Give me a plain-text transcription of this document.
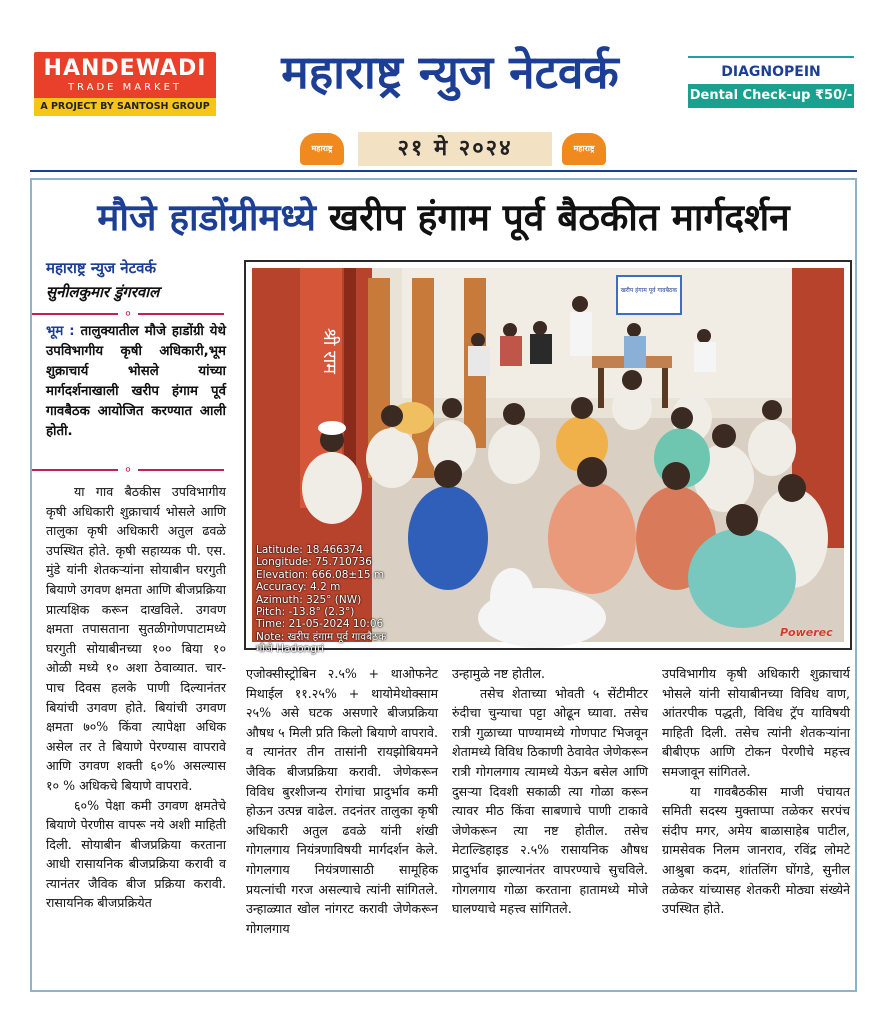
HANDEWADI
TRADE MARKET
A PROJECT BY SANTOSH GROUP
महाराष्ट्र न्युज नेटवर्क	DIAGNOPEIN
Dental Check-up ₹50/-
महाराष्ट्र	२१ मे २०२४	महाराष्ट्र
मौजे हाडोंग्रीमध्ये खरीप हंगाम पूर्व बैठकीत मार्गदर्शन
महाराष्ट्र न्युज नेटवर्क
सुनीलकुमार डुंगरवाल
०
भूम : तालुक्यातील मौजे हाडोंग्री येथे उपविभागीय कृषी अधिकारी,भूम शुक्राचार्य भोसले यांच्या मार्गदर्शनाखाली खरीप हंगाम पूर्व गावबैठक आयोजित करण्यात आली होती.
०

या गाव बैठकीस उपविभागीय कृषी अधिकारी शुक्राचार्य भोसले आणि तालुका कृषी अधिकारी अतुल ढवळे उपस्थित होते. कृषी सहाय्यक पी. एस. मुंडे यांनी शेतकऱ्यांना सोयाबीन घरगुती बियाणे उगवण क्षमता आणि बीजप्रक्रिया प्रात्यक्षिक करून दाखविले. उगवण क्षमता तपासताना सुतळीगोणपाटामध्ये घरगुती सोयाबीनच्या १०० बिया १० ओळी मध्ये १० अशा ठेवाव्यात. चार-पाच दिवस हलके पाणी दिल्यानंतर बियांची उगवण होते. बियांची उगवण क्षमता ७०% किंवा त्यापेक्षा अधिक असेल तर ते बियाणे पेरण्यास वापरावे आणि उगवण शक्ती ६०% असल्यास १० % अधिकचे बियाणे वापरावे.

६०% पेक्षा कमी उगवण क्षमतेचे बियाणे पेरणीस वापरू नये अशी माहिती दिली. सोयाबीन बीजप्रक्रिया करताना आधी रासायनिक बीजप्रक्रिया करावी व त्यानंतर जैविक बीज प्रक्रिया करावी. रासायनिक बीजप्रक्रियेत

खरीप हंगाम पूर्व गावबैठक
श्री राम
Latitude: 18.466374
Longitude: 75.710736
Elevation: 666.08±15 m
Accuracy: 4.2 m
Azimuth: 325° (NW)
Pitch: -13.8° (2.3°)
Time: 21-05-2024 10:06
Note: खरीप हंगाम पूर्व गावबैठक
मौजे Hadongri
Powerec
एजोक्सीस्ट्रोबिन २.५% + थाओफनेट मिथाईल ११.२५% + थायोमेथोक्साम २५% असे घटक असणारे बीजप्रक्रिया औषध ५ मिली प्रति किलो बियाणे वापरावे. व त्यानंतर तीन तासांनी रायझोबियमने जैविक बीजप्रक्रिया करावी. जेणेकरून विविध बुरशीजन्य रोगांचा प्रादुर्भाव कमी होऊन उत्पन्न वाढेल. तदनंतर तालुका कृषी अधिकारी अतुल ढवळे यांनी शंखी गोगलगाय नियंत्रणाविषयी मार्गदर्शन केले. गोगलगाय नियंत्रणासाठी सामूहिक प्रयत्नांची गरज असल्याचे त्यांनी सांगितले. उन्हाळ्यात खोल नांगरट करावी जेणेकरून गोगलगाय
उन्हामुळे नष्ट होतील.

तसेच शेताच्या भोवती ५ सेंटीमीटर रुंदीचा चुन्याचा पट्टा ओढून घ्यावा. तसेच रात्री गुळाच्या पाण्यामध्ये गोणपाट भिजवून शेतामध्ये विविध ठिकाणी ठेवावेत जेणेकरून रात्री गोगलगाय त्यामध्ये येऊन बसेल आणि दुसऱ्या दिवशी सकाळी त्या गोळा करून त्यावर मीठ किंवा साबणाचे पाणी टाकावे जेणेकरून त्या नष्ट होतील. तसेच मेटाल्डिहाइड २.५% रासायनिक औषध प्रादुर्भाव झाल्यानंतर वापरण्याचे सुचविले. गोगलगाय गोळा करताना हातामध्ये मोजे घालण्याचे महत्त्व सांगितले.

उपविभागीय कृषी अधिकारी शुक्राचार्य भोसले यांनी सोयाबीनच्या विविध वाण, आंतरपीक पद्धती, विविध ट्रॅप याविषयी माहिती दिली. तसेच त्यांनी शेतकऱ्यांना बीबीएफ आणि टोकन पेरणीचे महत्त्व समजावून सांगितले.

या गावबैठकीस माजी पंचायत समिती सदस्य मुक्ताप्पा तळेकर सरपंच संदीप मगर, अमेय बाळासाहेब पाटील, ग्रामसेवक निलम जानराव, रविंद्र लोमटे आश्रुबा कदम, शांतलिंग घोंगडे, सुनील तळेकर यांच्यासह शेतकरी मोठ्या संख्येने उपस्थित होते.
